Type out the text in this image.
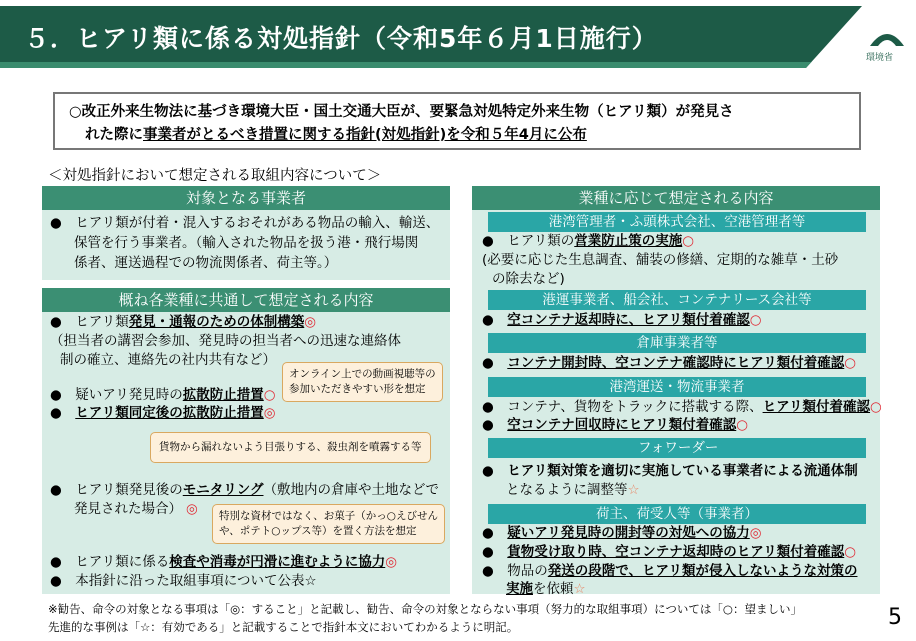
５．ヒアリ類に係る対処指針（令和5年６月1日施行）
環境省
○改正外来生物法に基づき環境大臣・国土交通大臣が、要緊急対処特定外来生物（ヒアリ類）が発見さ
れた際に事業者がとるべき措置に関する指針(対処指針)を令和５年4月に公布
＜対処指針において想定される取組内容について＞
対象となる事業者
●　ヒアリ類が付着・混入するおそれがある物品の輸入、輸送、
保管を行う事業者。（輸入された物品を扱う港・飛行場関
係者、運送過程での物流関係者、荷主等。）
概ね各業種に共通して想定される内容
●　ヒアリ類発見・通報のための体制構築◎
（担当者の講習会参加、発見時の担当者への迅速な連絡体
制の確立、連絡先の社内共有など）
オンライン上での動画視聴等の
参加いただきやすい形を想定
●　疑いアリ発見時の拡散防止措置○
●　ヒアリ類同定後の拡散防止措置◎
貨物から漏れないよう目張りする、殺虫剤を噴霧する等
●　ヒアリ類発見後のモニタリング（敷地内の倉庫や土地などで
発見された場合） ◎ 特別な資材ではなく、お菓子（かっ○えびせん
や、ポテト○ップス等）を置く方法を想定
●　ヒアリ類に係る検査や消毒が円滑に進むように協力◎
●　本指針に沿った取組事項について公表☆
業種に応じて想定される内容
港湾管理者・ふ頭株式会社、空港管理者等
●　ヒアリ類の営業防止策の実施○
(必要に応じた生息調査、舗装の修繕、定期的な雑草・土砂
の除去など)
港運事業者、船会社、コンテナリース会社等
●　空コンテナ返却時に、ヒアリ類付着確認○
倉庫事業者等
●　コンテナ開封時、空コンテナ確認時にヒアリ類付着確認○
港湾運送・物流事業者
●　コンテナ、貨物をトラックに搭載する際、ヒアリ類付着確認○
●　空コンテナ回収時にヒアリ類付着確認○
フォワーダー
●　ヒアリ類対策を適切に実施している事業者による流通体制
となるように調整等☆
荷主、荷受人等（事業者）
●　疑いアリ発見時の開封等の対処への協力◎
●　貨物受け取り時、空コンテナ返却時のヒアリ類付着確認○
●　物品の発送の段階で、ヒアリ類が侵入しないような対策の
実施を依頼☆
※勧告、命令の対象となる事項は「◎：すること」と記載し、勧告、命令の対象とならない事項（努力的な取組事項）については「○：望ましい」
先進的な事例は「☆：有効である」と記載することで指針本文においてわかるように明記。	5
